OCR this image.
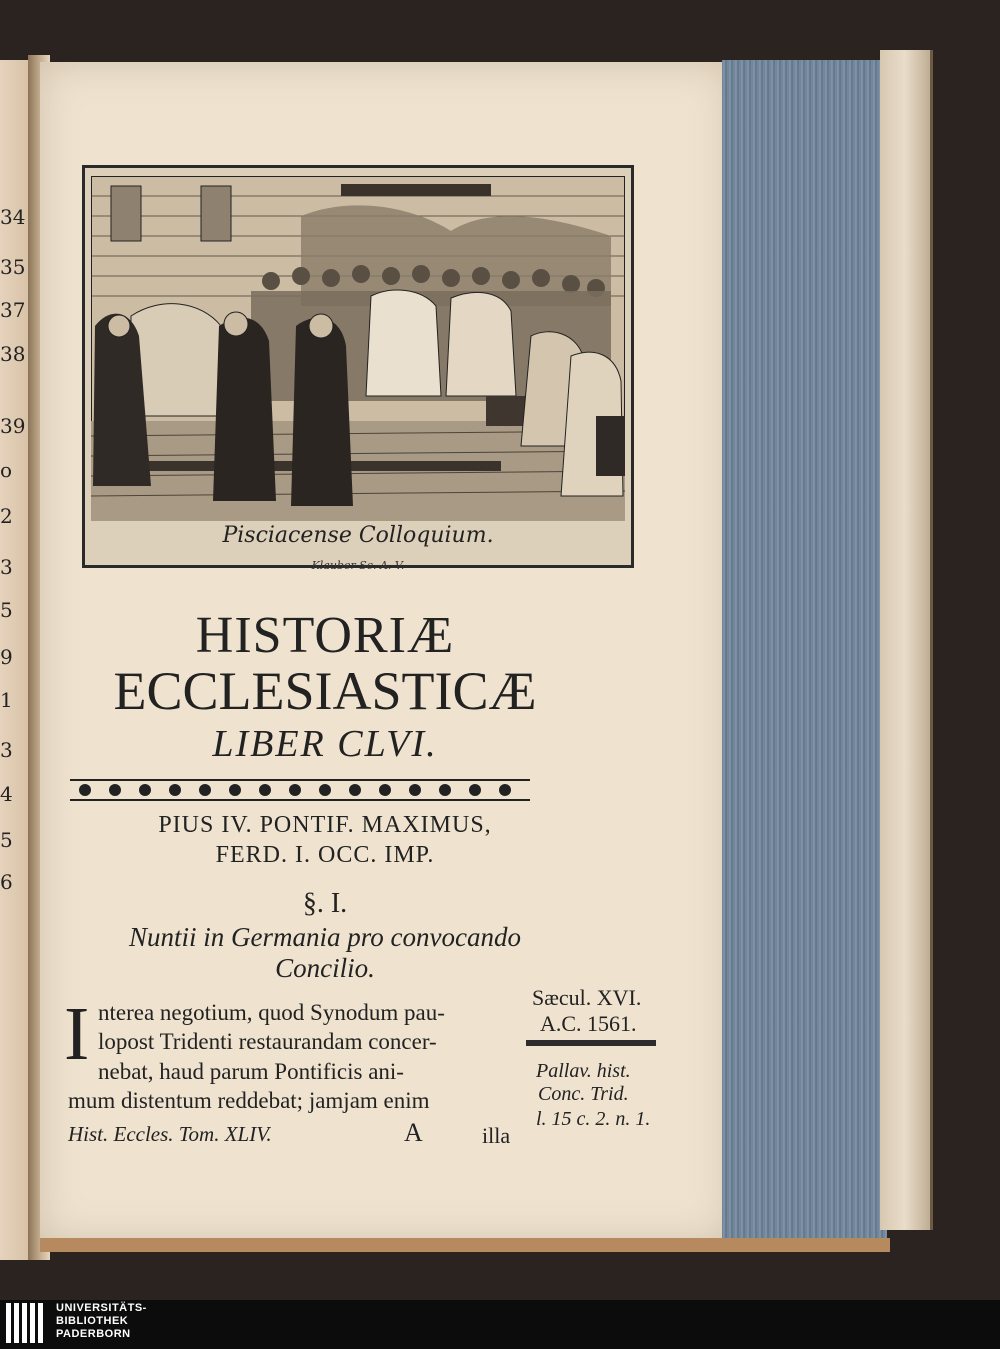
34
35
37
38
39
o
2
3
5
9
1
3
4
5
6
Pisciacense Colloquium.
Klauber Sc. A. V.
HISTORIÆ
ECCLESIASTICÆ
LIBER CLVI.
PIUS IV. PONTIF. MAXIMUS,
FERD. I. OCC. IMP.
§. I.
Nuntii in Germania pro convocando
Concilio.
I nterea negotium, quod Synodum pau-
lopost Tridenti restaurandam concer-
nebat, haud parum Pontificis ani-
mum distentum reddebat; jamjam enim
Hist. Eccles. Tom. XLIV.	A	illa
Sæcul. XVI.
A.C. 1561.
Pallav. hist.
Conc. Trid.
l. 15 c. 2. n. 1.
UNIVERSITÄTS-
BIBLIOTHEK
PADERBORN
